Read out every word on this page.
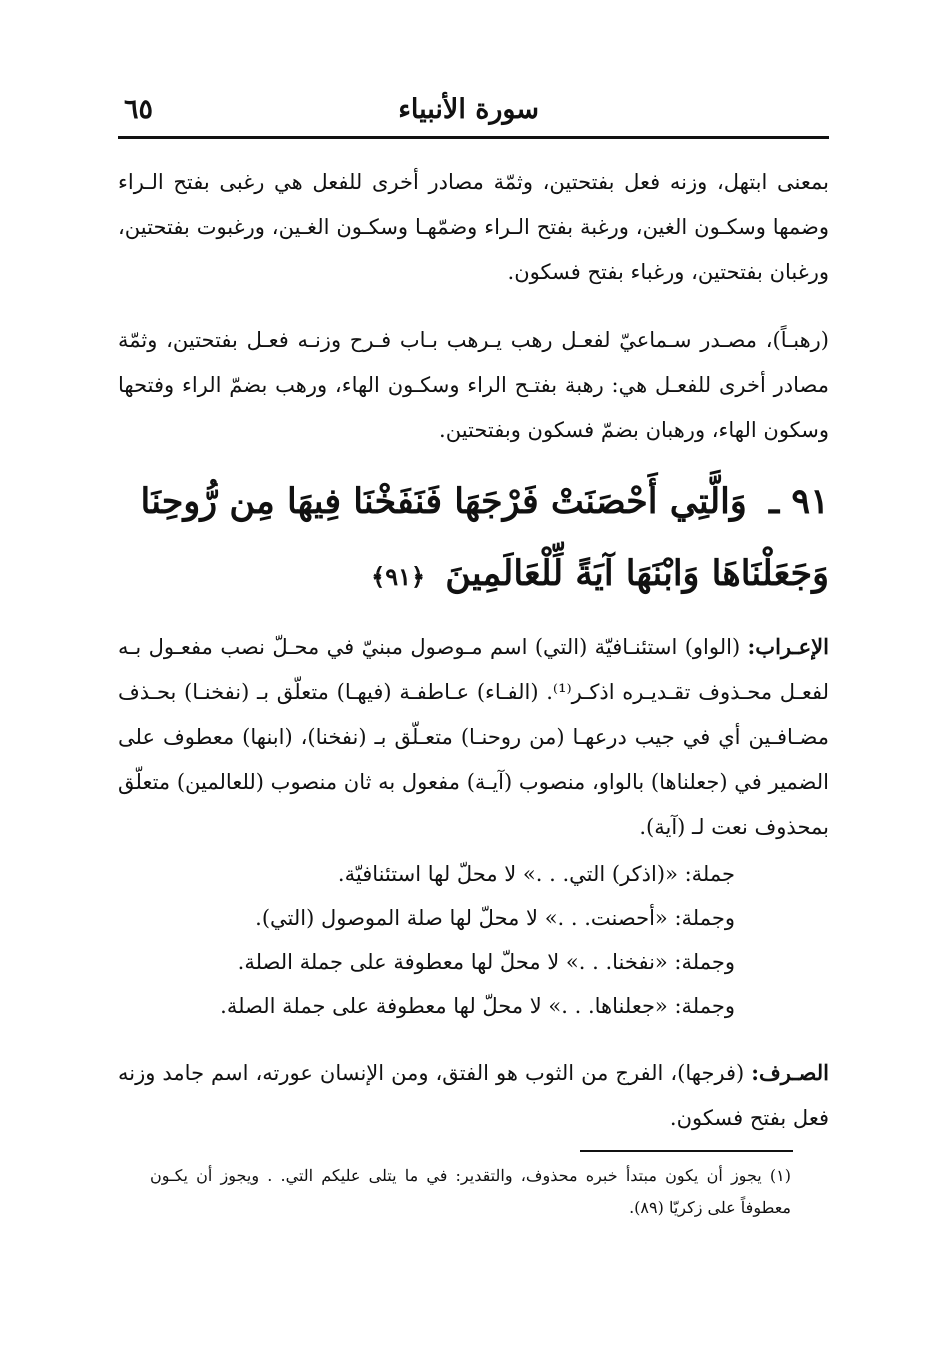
سورة الأنبياء
٦٥
بمعنى ابتهل، وزنه فعل بفتحتين، وثمّة مصادر أخرى للفعل هي رغبى بفتح الـراء وضمها وسكـون الغين، ورغبة بفتح الـراء وضمّهـا وسكـون الغـين، ورغبوت بفتحتين، ورغبان بفتحتين، ورغباء بفتح فسكون.
(رهبـاً)، مصـدر سـماعيّ لفعـل رهب يـرهب بـاب فـرح وزنـه فعـل بفتحتين، وثمّة مصادر أخرى للفعـل هي: رهبة بفتـح الراء وسكـون الهاء، ورهب بضمّ الراء وفتحها وسكون الهاء، ورهبان بضمّ فسكون وبفتحتين.
٩١ ـ وَالَّتِي أَحْصَنَتْ فَرْجَهَا فَنَفَخْنَا فِيهَا مِن رُّوحِنَا وَجَعَلْنَاهَا وَابْنَهَا آيَةً لِّلْعَالَمِينَ ﴿٩١﴾
الإعـراب: (الواو) استئنـافيّة (التي) اسم مـوصول مبنيّ في محـلّ نصب مفعـول بـه لفعـل محـذوف تقـديـره اذكـر⁽¹⁾. (الفـاء) عـاطفـة (فيهـا) متعلّق بـ (نفخنـا) بحـذف مضـافـين أي في جيب درعهـا (من روحنـا) متعـلّق بـ (نفخنا)، (ابنها) معطوف على الضمير في (جعلناها) بالواو، منصوب (آيـة) مفعول به ثان منصوب (للعالمين) متعلّق بمحذوف نعت لـ (آية).
جملة: «(اذكر) التي. . .» لا محلّ لها استئنافيّة.
وجملة: «أحصنت. . .» لا محلّ لها صلة الموصول (التي).
وجملة: «نفخنا. . .» لا محلّ لها معطوفة على جملة الصلة.
وجملة: «جعلناها. . .» لا محلّ لها معطوفة على جملة الصلة.
الصـرف: (فرجها)، الفرج من الثوب هو الفتق، ومن الإنسان عورته، اسم جامد وزنه فعل بفتح فسكون.
(١) يجوز أن يكون مبتدأ خبره محذوف، والتقدير: في ما يتلى عليكم التي. . ويجوز أن يكـون معطوفاً على زكريّا (٨٩).
